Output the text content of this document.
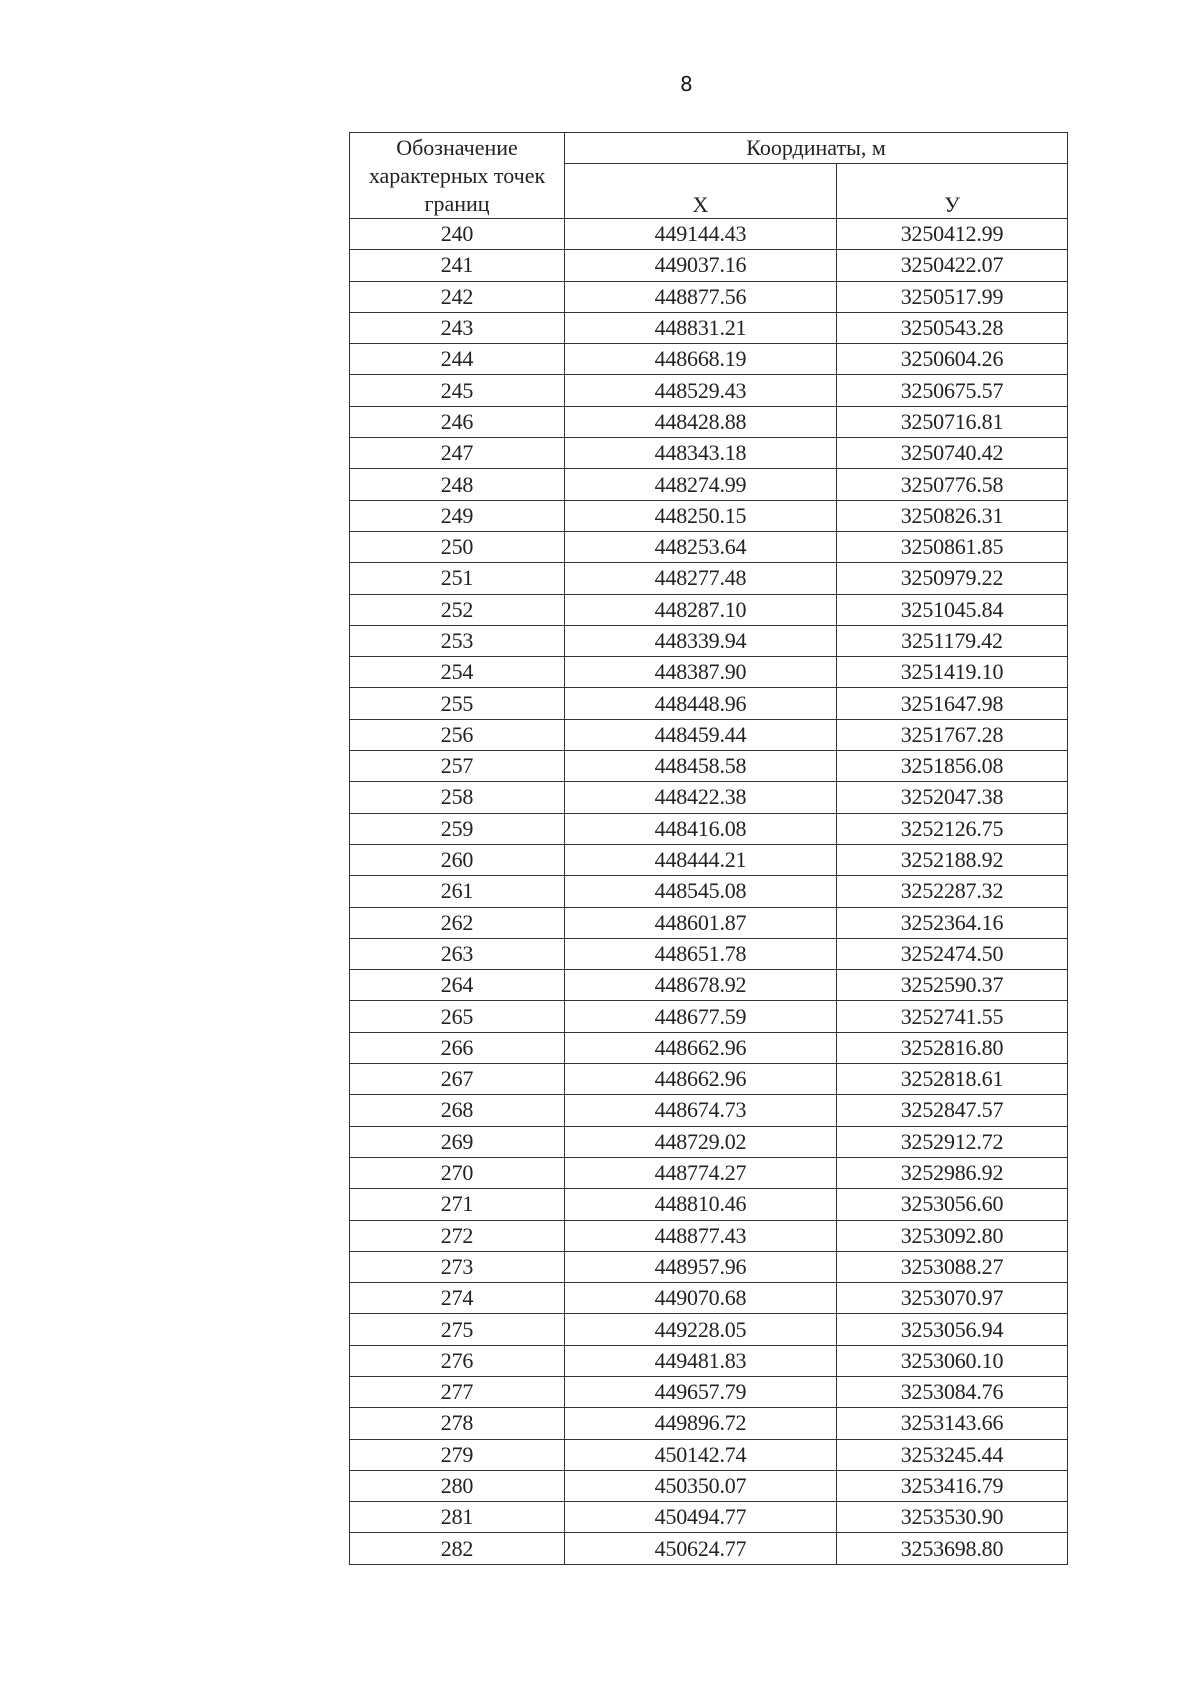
8
Обозначение характерных точек границ	Координаты, м	
	X	У
240	449144.43	3250412.99
241	449037.16	3250422.07
242	448877.56	3250517.99
243	448831.21	3250543.28
244	448668.19	3250604.26
245	448529.43	3250675.57
246	448428.88	3250716.81
247	448343.18	3250740.42
248	448274.99	3250776.58
249	448250.15	3250826.31
250	448253.64	3250861.85
251	448277.48	3250979.22
252	448287.10	3251045.84
253	448339.94	3251179.42
254	448387.90	3251419.10
255	448448.96	3251647.98
256	448459.44	3251767.28
257	448458.58	3251856.08
258	448422.38	3252047.38
259	448416.08	3252126.75
260	448444.21	3252188.92
261	448545.08	3252287.32
262	448601.87	3252364.16
263	448651.78	3252474.50
264	448678.92	3252590.37
265	448677.59	3252741.55
266	448662.96	3252816.80
267	448662.96	3252818.61
268	448674.73	3252847.57
269	448729.02	3252912.72
270	448774.27	3252986.92
271	448810.46	3253056.60
272	448877.43	3253092.80
273	448957.96	3253088.27
274	449070.68	3253070.97
275	449228.05	3253056.94
276	449481.83	3253060.10
277	449657.79	3253084.76
278	449896.72	3253143.66
279	450142.74	3253245.44
280	450350.07	3253416.79
281	450494.77	3253530.90
282	450624.77	3253698.80
